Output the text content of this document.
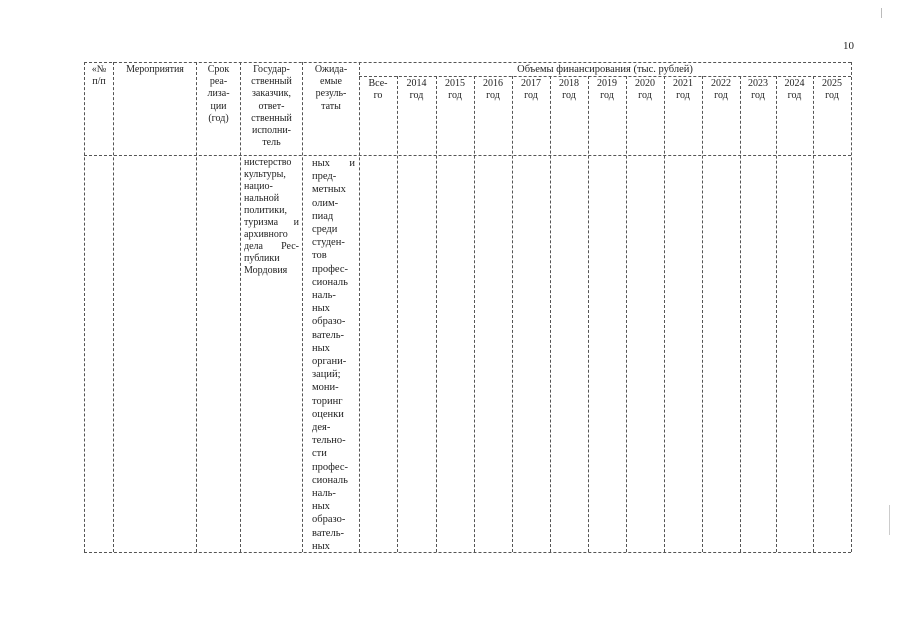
10
«№
п/п
Мероприятия	Срок
реа-
лиза-
ции
(год)
Государ-
ственный
заказчик,
ответ-
ственный
исполни-
тель
Ожида-
емые
резуль-
таты
Объемы финансирования (тыс. рублей)
Все-
го
2014
год
2015
год
2016
год
2017
год
2018
год
2019
год
2020
год
2021
год
2022
год
2023
год
2024
год
2025
год
нистерство
культуры,
нацио-
нальной
политики,
туризма и
архивного
дела Рес-
публики
Мордовия
ных и
пред-
метных
олим-
пиад
среди
студен-
тов
профес-
сиональ
наль-
ных
образо-
ватель-
ных
органи-
заций;
мони-
торинг
оценки
дея-
тельно-
сти
профес-
сиональ
наль-
ных
образо-
ватель-
ных
